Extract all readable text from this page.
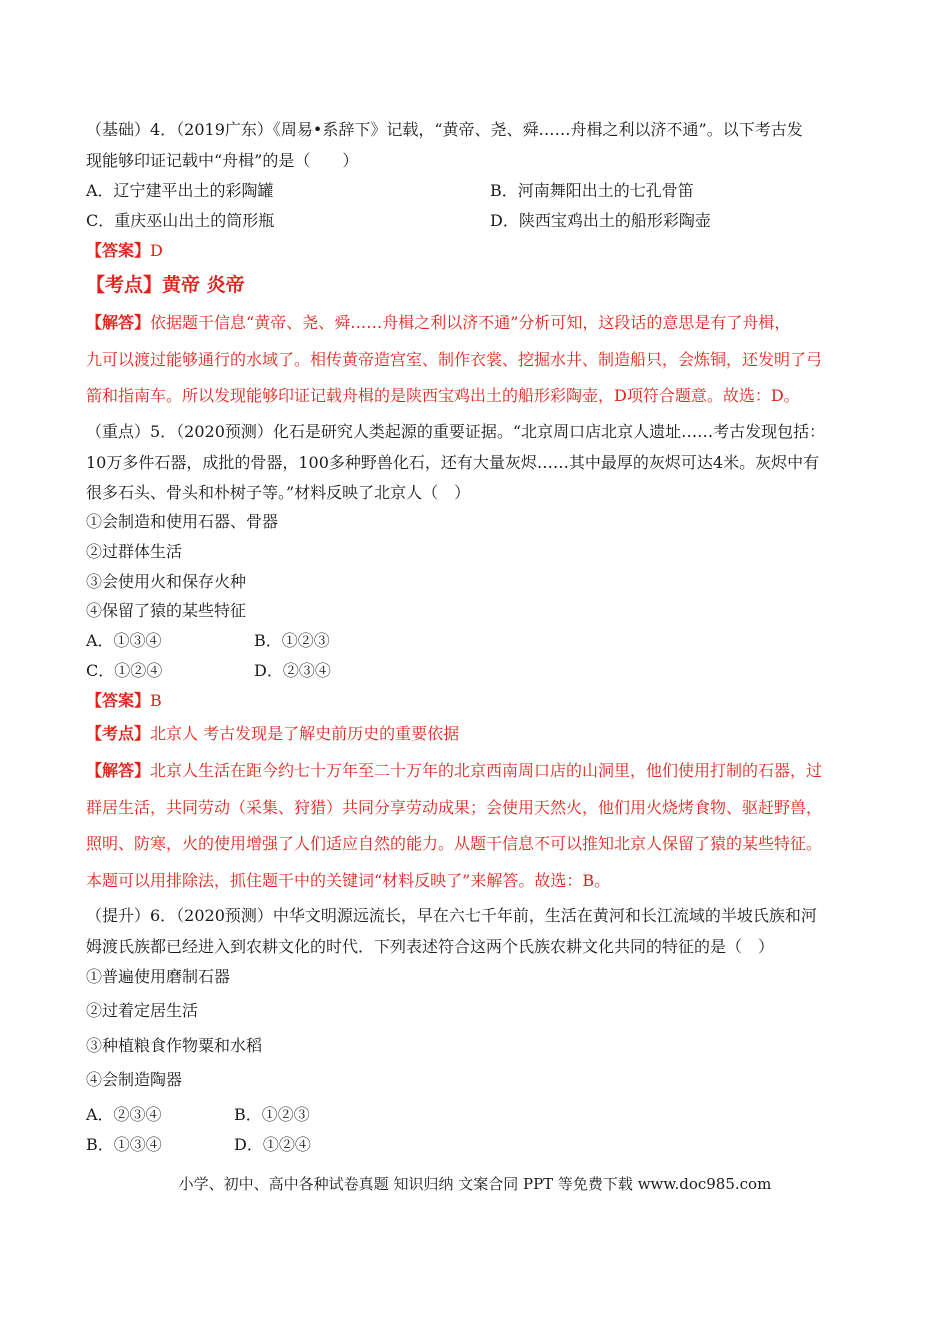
（基础）4．（2019广东）《周易•系辞下》记载，“黄帝、尧、舜……舟楫之利以济不通”。以下考古发
现能够印证记载中“舟楫”的是（　　）
A．辽宁建平出土的彩陶罐	B．河南舞阳出土的七孔骨笛
C．重庆巫山出土的筒形瓶	D．陕西宝鸡出土的船形彩陶壶
【答案】D
【考点】黄帝 炎帝
【解答】依据题干信息“黄帝、尧、舜……舟楫之利以济不通”分析可知，这段话的意思是有了舟楫，
九可以渡过能够通行的水域了。相传黄帝造宫室、制作衣裳、挖掘水井、制造船只，会炼铜，还发明了弓
箭和指南车。所以发现能够印证记载舟楫的是陕西宝鸡出土的船形彩陶壶，D项符合题意。故选：D。
（重点）5．（2020预测）化石是研究人类起源的重要证据。“北京周口店北京人遗址……考古发现包括：
10万多件石器，成批的骨器，100多种野兽化石，还有大量灰烬……其中最厚的灰烬可达4米。灰烬中有
很多石头、骨头和朴树子等。”材料反映了北京人（　）
①会制造和使用石器、骨器
②过群体生活
③会使用火和保存火种
④保留了猿的某些特征
A．①③④	B．①②③
C．①②④	D．②③④
【答案】B
【考点】北京人 考古发现是了解史前历史的重要依据
【解答】北京人生活在距今约七十万年至二十万年的北京西南周口店的山洞里，他们使用打制的石器，过
群居生活，共同劳动（采集、狩猎）共同分享劳动成果；会使用天然火，他们用火烧烤食物、驱赶野兽，
照明、防寒，火的使用增强了人们适应自然的能力。从题干信息不可以推知北京人保留了猿的某些特征。
本题可以用排除法，抓住题干中的关键词“材料反映了”来解答。故选：B。
（提升）6．（2020预测）中华文明源远流长，早在六七千年前，生活在黄河和长江流域的半坡氏族和河
姆渡氏族都已经进入到农耕文化的时代．下列表述符合这两个氏族农耕文化共同的特征的是（　）
①普遍使用磨制石器
②过着定居生活
③种植粮食作物粟和水稻
④会制造陶器
A．②③④	B．①②③
B．①③④	D．①②④
小学、初中、高中各种试卷真题 知识归纳 文案合同 PPT 等免费下载 www.doc985.com
